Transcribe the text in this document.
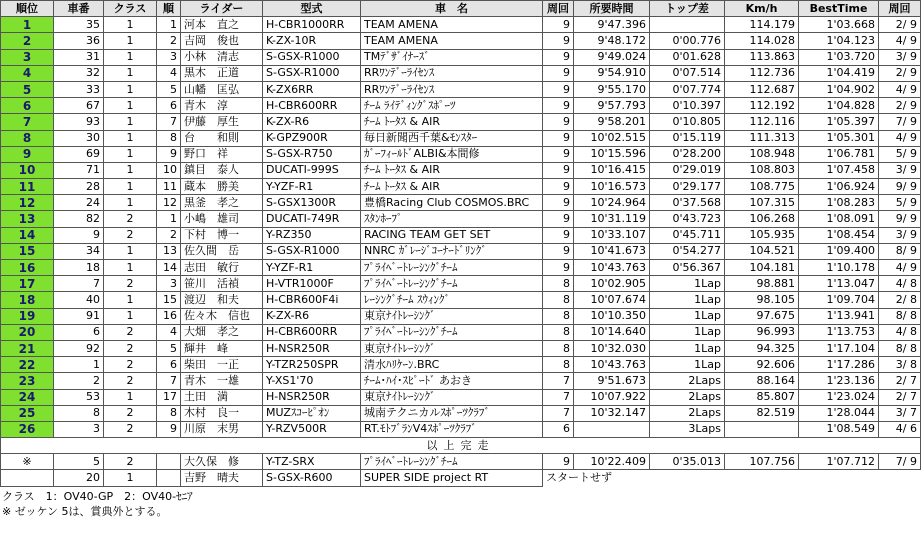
順位	車番	クラス	順	ライダー	型式	車　名	周回	所要時間	トップ差	Km/h	BestTime	周回
1	35	1	1	河本　直之	H-CBR1000RR	TEAM AMENA	9	9'47.396		114.179	1'03.668	2/ 9
2	36	1	2	吉岡　俊也	K-ZX-10R	TEAM AMENA	9	9'48.172	0'00.776	114.028	1'04.123	4/ 9
3	31	1	3	小林　清志	S-GSX-R1000	TMﾃﾞｻﾞｲﾅｰｽﾞ	9	9'49.024	0'01.628	113.863	1'03.720	3/ 9
4	32	1	4	黒木　正道	S-GSX-R1000	RRﾜﾝﾃﾞｰﾗｲｾﾝｽ	9	9'54.910	0'07.514	112.736	1'04.419	2/ 9
5	33	1	5	山幡　匡弘	K-ZX6RR	RRﾜﾝﾃﾞｰﾗｲｾﾝｽ	9	9'55.170	0'07.774	112.687	1'04.902	4/ 9
6	67	1	6	青木　淳	H-CBR600RR	ﾁｰﾑ ﾗｲﾃﾞｨﾝｸﾞｽﾎﾟｰﾂ	9	9'57.793	0'10.397	112.192	1'04.828	2/ 9
7	93	1	7	伊藤　厚生	K-ZX-R6	ﾁｰﾑ ﾄｰﾀｽ & AIR	9	9'58.201	0'10.805	112.116	1'05.397	7/ 9
8	30	1	8	台　　和則	K-GPZ900R	毎日新聞西千葉&ﾓﾝｽﾀｰ	9	10'02.515	0'15.119	111.313	1'05.301	4/ 9
9	69	1	9	野口　祥	S-GSX-R750	ｶﾞｰﾌｨｰﾙﾄﾞALBI&本間修	9	10'15.596	0'28.200	108.948	1'06.781	5/ 9
10	71	1	10	鎮目　泰人	DUCATI-999S	ﾁｰﾑ ﾄｰﾀｽ & AIR	9	10'16.415	0'29.019	108.803	1'07.458	3/ 9
11	28	1	11	蔵本　勝美	Y-YZF-R1	ﾁｰﾑ ﾄｰﾀｽ & AIR	9	10'16.573	0'29.177	108.775	1'06.924	9/ 9
12	24	1	12	黒釜　孝之	S-GSX1300R	豊橋Racing Club COSMOS.BRC	9	10'24.964	0'37.568	107.315	1'08.283	5/ 9
13	82	2	1	小嶋　雄司	DUCATI-749R	ｽﾀﾝﾎｰﾌﾟ	9	10'31.119	0'43.723	106.268	1'08.091	9/ 9
14	9	2	2	下村　博一	Y-RZ350	RACING TEAM GET SET	9	10'33.107	0'45.711	105.935	1'08.454	3/ 9
15	34	1	13	佐久間　岳	S-GSX-R1000	NNRC ｶﾞﾚｰｼﾞｺｰﾅｰﾄﾞﾘﾝｸﾞ	9	10'41.673	0'54.277	104.521	1'09.400	8/ 9
16	18	1	14	志田　敏行	Y-YZF-R1	ﾌﾟﾗｲﾍﾞｰﾄﾚｰｼﾝｸﾞﾁｰﾑ	9	10'43.763	0'56.367	104.181	1'10.178	4/ 9
17	7	2	3	笹川　活禎	H-VTR1000F	ﾌﾟﾗｲﾍﾞｰﾄﾚｰｼﾝｸﾞﾁｰﾑ	8	10'02.905	1Lap	98.881	1'13.047	4/ 8
18	40	1	15	渡辺　和夫	H-CBR600F4i	ﾚｰｼﾝｸﾞﾁｰﾑ ｽｳｨﾝｸﾞ	8	10'07.674	1Lap	98.105	1'09.704	2/ 8
19	91	1	16	佐々木　信也	K-ZX-R6	東京ﾅｲﾄﾚｰｼﾝｸﾞ	8	10'10.350	1Lap	97.675	1'13.941	8/ 8
20	6	2	4	大畑　孝之	H-CBR600RR	ﾌﾟﾗｲﾍﾞｰﾄﾚｰｼﾝｸﾞﾁｰﾑ	8	10'14.640	1Lap	96.993	1'13.753	4/ 8
21	92	2	5	輝井　峰	H-NSR250R	東京ﾅｲﾄﾚｰｼﾝｸﾞ	8	10'32.030	1Lap	94.325	1'17.104	8/ 8
22	1	2	6	柴田　一正	Y-TZR250SPR	清水ﾊﾘｹｰﾝ.BRC	8	10'43.763	1Lap	92.606	1'17.286	3/ 8
23	2	2	7	青木　一雄	Y-XS1'70	ﾁｰﾑ･ﾊｲ･ｽﾋﾟｰﾄﾞ あおき	7	9'51.673	2Laps	88.164	1'23.136	2/ 7
24	53	1	17	土田　満	H-NSR250R	東京ﾅｲﾄﾚｰｼﾝｸﾞ	7	10'07.922	2Laps	85.807	1'23.024	2/ 7
25	8	2	8	木村　良一	MUZｽｺｰﾋﾟｵﾝ	城南テクニカルｽﾎﾟｰﾂｸﾗﾌﾞ	7	10'32.147	2Laps	82.519	1'28.044	3/ 7
26	3	2	9	川原　末男	Y-RZV500R	RT.ﾓﾄﾌﾞﾗﾝV4ｽﾎﾟｰﾂｸﾗﾌﾞ	6		3Laps		1'08.549	4/ 6
以上完走												
※	5	2		大久保　修	Y-TZ-SRX	ﾌﾟﾗｲﾍﾞｰﾄﾚｰｼﾝｸﾞﾁｰﾑ	9	10'22.409	0'35.013	107.756	1'07.712	7/ 9
	20	1		吉野　晴夫	S-GSX-R600	SUPER SIDE project RT	スタートせず					
クラス　1：OV40-GP　2：OV40-ｾﾆｱ
※ ゼッケン 5は、賞典外とする。
